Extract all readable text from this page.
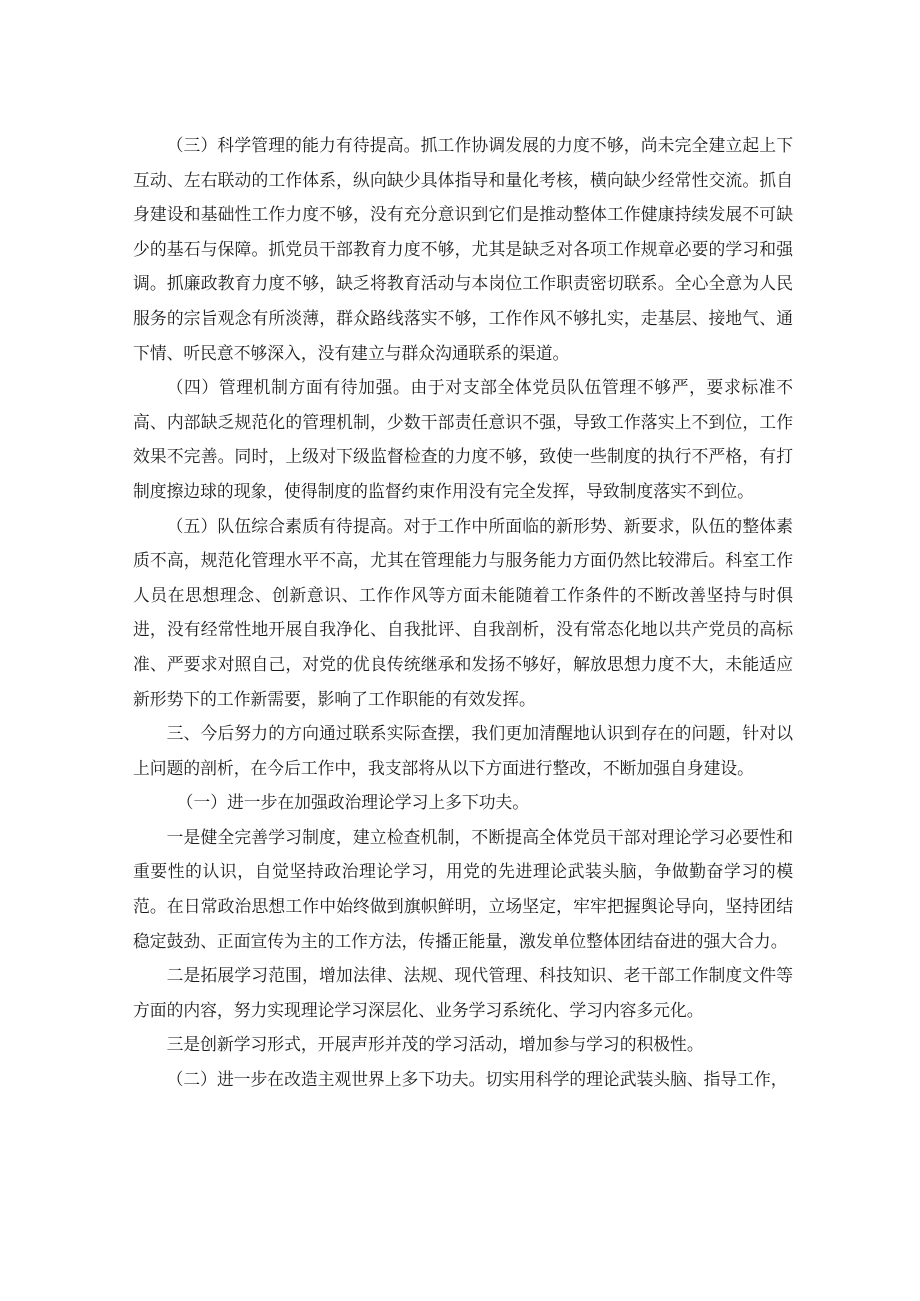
（三）科学管理的能力有待提高。抓工作协调发展的力度不够，尚未完全建立起上下互动、左右联动的工作体系，纵向缺少具体指导和量化考核，横向缺少经常性交流。抓自身建设和基础性工作力度不够，没有充分意识到它们是推动整体工作健康持续发展不可缺少的基石与保障。抓党员干部教育力度不够，尤其是缺乏对各项工作规章必要的学习和强调。抓廉政教育力度不够，缺乏将教育活动与本岗位工作职责密切联系。全心全意为人民服务的宗旨观念有所淡薄，群众路线落实不够，工作作风不够扎实，走基层、接地气、通下情、听民意不够深入，没有建立与群众沟通联系的渠道。

（四）管理机制方面有待加强。由于对支部全体党员队伍管理不够严，要求标准不高、内部缺乏规范化的管理机制，少数干部责任意识不强，导致工作落实上不到位，工作效果不完善。同时，上级对下级监督检查的力度不够，致使一些制度的执行不严格，有打制度擦边球的现象，使得制度的监督约束作用没有完全发挥，导致制度落实不到位。

（五）队伍综合素质有待提高。对于工作中所面临的新形势、新要求，队伍的整体素质不高，规范化管理水平不高，尤其在管理能力与服务能力方面仍然比较滞后。科室工作人员在思想理念、创新意识、工作作风等方面未能随着工作条件的不断改善坚持与时俱进，没有经常性地开展自我净化、自我批评、自我剖析，没有常态化地以共产党员的高标准、严要求对照自己，对党的优良传统继承和发扬不够好，解放思想力度不大，未能适应新形势下的工作新需要，影响了工作职能的有效发挥。

三、今后努力的方向通过联系实际查摆，我们更加清醒地认识到存在的问题，针对以上问题的剖析，在今后工作中，我支部将从以下方面进行整改，不断加强自身建设。

（一）进一步在加强政治理论学习上多下功夫。

一是健全完善学习制度，建立检查机制，不断提高全体党员干部对理论学习必要性和重要性的认识，自觉坚持政治理论学习，用党的先进理论武装头脑，争做勤奋学习的模范。在日常政治思想工作中始终做到旗帜鲜明，立场坚定，牢牢把握舆论导向，坚持团结稳定鼓劲、正面宣传为主的工作方法，传播正能量，激发单位整体团结奋进的强大合力。

二是拓展学习范围，增加法律、法规、现代管理、科技知识、老干部工作制度文件等方面的内容，努力实现理论学习深层化、业务学习系统化、学习内容多元化。

三是创新学习形式，开展声形并茂的学习活动，增加参与学习的积极性。

（二）进一步在改造主观世界上多下功夫。切实用科学的理论武装头脑、指导工作，
